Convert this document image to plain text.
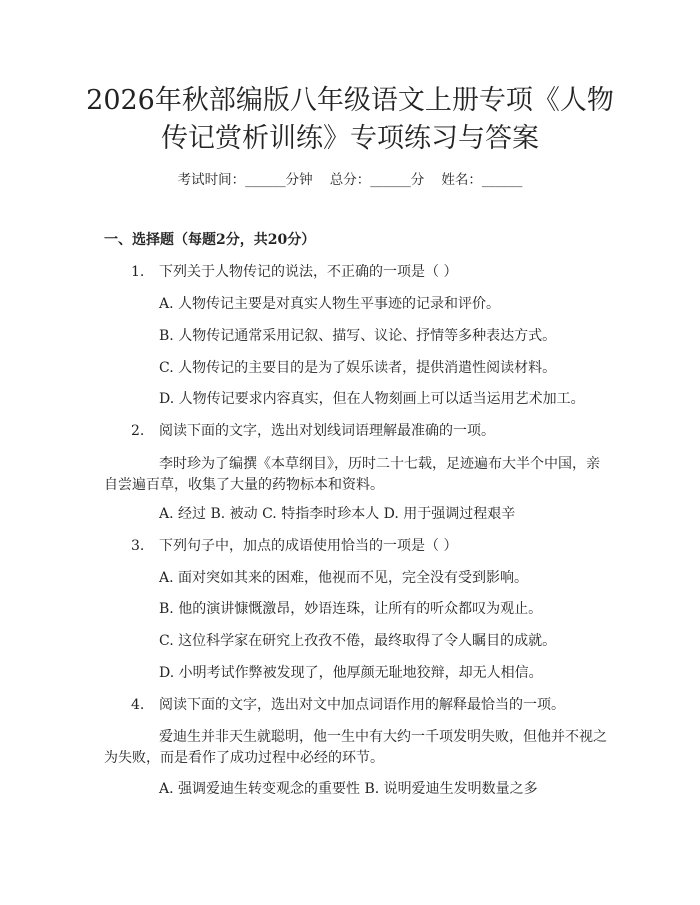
2026年秋部编版八年级语文上册专项《人物
传记赏析训练》专项练习与答案
考试时间：______分钟    总分：______分    姓名：______
一、选择题（每题2分，共20分）
1. 下列关于人物传记的说法，不正确的一项是（ ）
A. 人物传记主要是对真实人物生平事迹的记录和评价。
B. 人物传记通常采用记叙、描写、议论、抒情等多种表达方式。
C. 人物传记的主要目的是为了娱乐读者，提供消遣性阅读材料。
D. 人物传记要求内容真实，但在人物刻画上可以适当运用艺术加工。
2. 阅读下面的文字，选出对划线词语理解最准确的一项。
李时珍为了编撰《本草纲目》，历时二十七载，足迹遍布大半个中国，亲
自尝遍百草，收集了大量的药物标本和资料。
A. 经过 B. 被动 C. 特指李时珍本人 D. 用于强调过程艰辛
3. 下列句子中，加点的成语使用恰当的一项是（ ）
A. 面对突如其来的困难，他视而不见，完全没有受到影响。
B. 他的演讲慷慨激昂，妙语连珠，让所有的听众都叹为观止。
C. 这位科学家在研究上孜孜不倦，最终取得了令人瞩目的成就。
D. 小明考试作弊被发现了，他厚颜无耻地狡辩，却无人相信。
4. 阅读下面的文字，选出对文中加点词语作用的解释最恰当的一项。
爱迪生并非天生就聪明，他一生中有大约一千项发明失败，但他并不视之
为失败，而是看作了成功过程中必经的环节。
A. 强调爱迪生转变观念的重要性 B. 说明爱迪生发明数量之多
